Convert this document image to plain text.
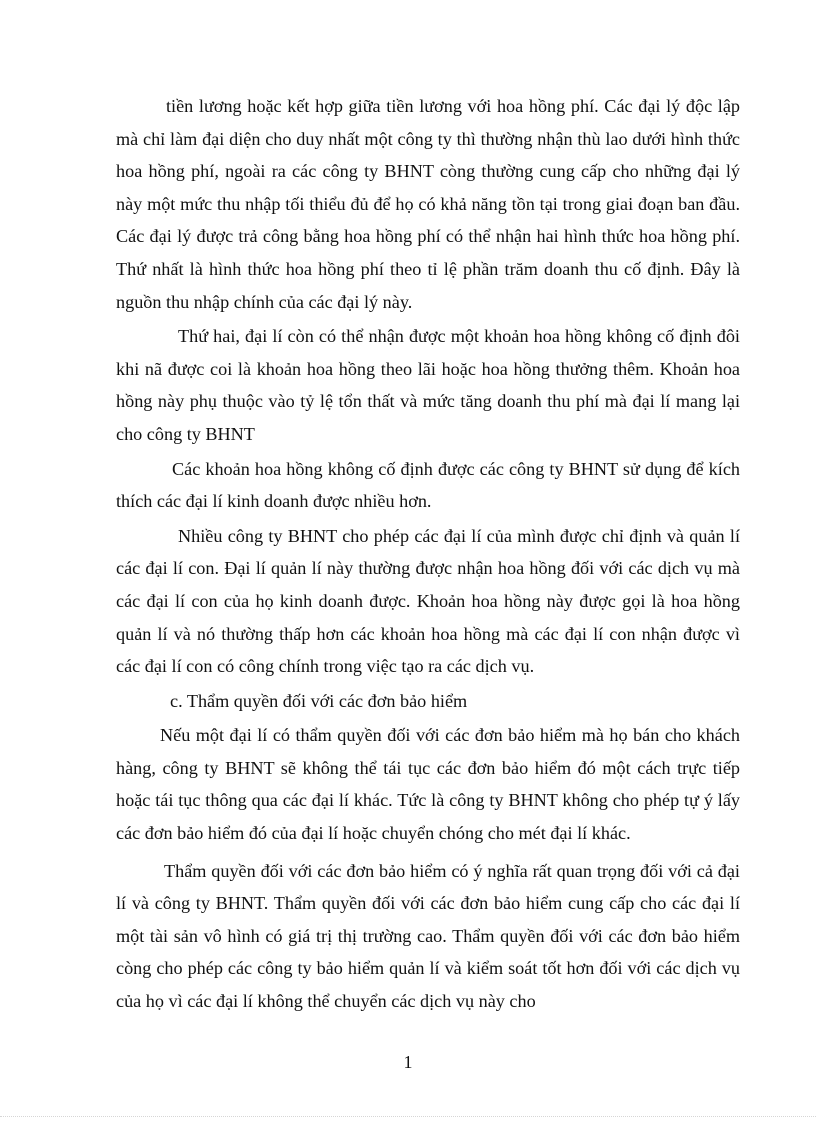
tiền lương hoặc kết hợp giữa tiền lương với hoa hồng phí. Các đại lý độc lập mà chỉ làm đại diện cho duy nhất một công ty thì thường nhận thù lao dưới hình thức hoa hồng phí, ngoài ra các công ty BHNT còng thường cung cấp cho những đại lý này một mức thu nhập tối thiểu đủ để họ có khả năng tồn tại trong giai đoạn ban đầu. Các đại lý được trả công bằng hoa hồng phí có thể nhận hai hình thức hoa hồng phí. Thứ nhất là hình thức hoa hồng phí theo tỉ lệ phần trăm doanh thu cố định. Đây là nguồn thu nhập chính của các đại lý này.

Thứ hai, đại lí còn có thể nhận được một khoản hoa hồng không cố định đôi khi nã được coi là khoản hoa hồng theo lãi hoặc hoa hồng thưởng thêm. Khoản hoa hồng này phụ thuộc vào tỷ lệ tổn thất và mức tăng doanh thu phí mà đại lí mang lại cho công ty BHNT

Các khoản hoa hồng không cố định được các công ty BHNT sử dụng để kích thích các đại lí kinh doanh được nhiều hơn.

Nhiều công ty BHNT cho phép các đại lí của mình được chỉ định và quản lí các đại lí con. Đại lí quản lí này thường được nhận hoa hồng đối với các dịch vụ mà các đại lí con của họ kinh doanh được. Khoản hoa hồng này được gọi là hoa hồng quản lí và nó thường thấp hơn các khoản hoa hồng mà các đại lí con nhận được vì các đại lí con có công chính trong việc tạo ra các dịch vụ.

c. Thẩm quyền đối với các đơn bảo hiểm

Nếu một đại lí có thẩm quyền đối với các đơn bảo hiểm mà họ bán cho khách hàng, công ty BHNT sẽ không thể tái tục các đơn bảo hiểm đó một cách trực tiếp hoặc tái tục thông qua các đại lí khác. Tức là công ty BHNT không cho phép tự ý lấy các đơn bảo hiểm đó của đại lí hoặc chuyển chóng cho mét đại lí khác.

Thẩm quyền đối với các đơn bảo hiểm có ý nghĩa rất quan trọng đối với cả đại lí và công ty BHNT. Thẩm quyền đối với các đơn bảo hiểm cung cấp cho các đại lí một tài sản vô hình có giá trị thị trường cao. Thẩm quyền đối với các đơn bảo hiểm còng cho phép các công ty bảo hiểm quản lí và kiểm soát tốt hơn đối với các dịch vụ của họ vì các đại lí không thể chuyển các dịch vụ này cho

1
